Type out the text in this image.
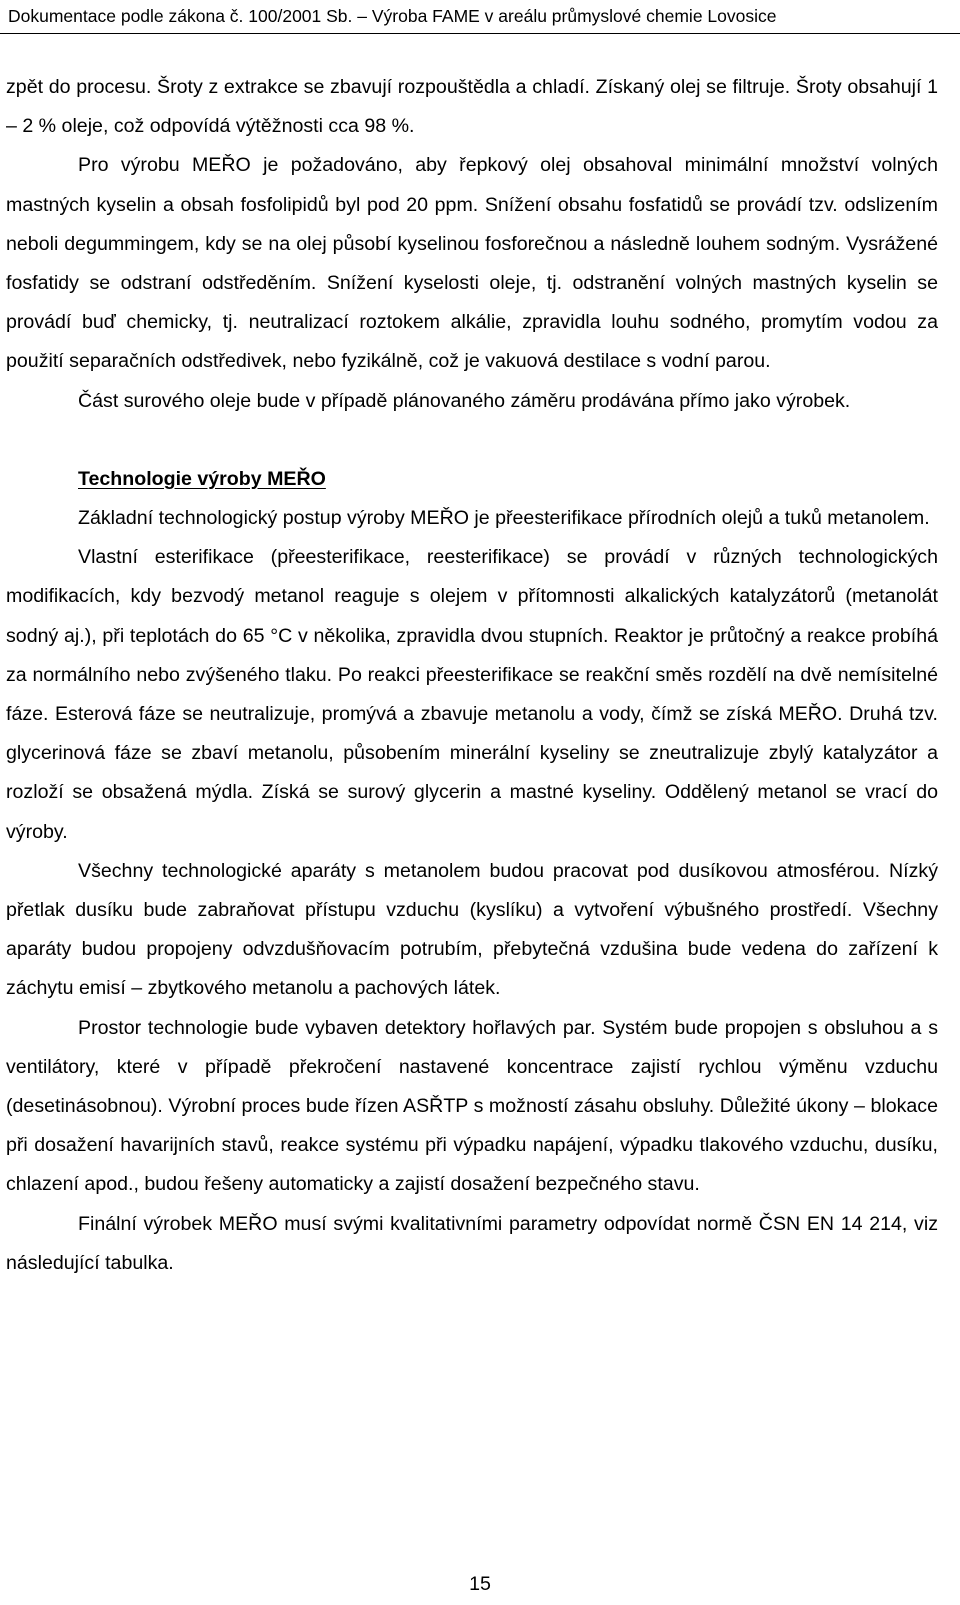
Dokumentace podle zákona č. 100/2001 Sb. – Výroba FAME v areálu průmyslové chemie Lovosice

zpět do procesu. Šroty z extrakce se zbavují rozpouštědla a chladí. Získaný olej se filtruje. Šroty obsahují 1 – 2 % oleje, což odpovídá výtěžnosti cca 98 %.

Pro výrobu MEŘO je požadováno, aby řepkový olej obsahoval minimální množství volných mastných kyselin a obsah fosfolipidů byl pod 20 ppm. Snížení obsahu fosfatidů se provádí tzv. odslizením neboli degummingem, kdy se na olej působí kyselinou fosforečnou a následně louhem sodným. Vysrážené fosfatidy se odstraní odstředěním. Snížení kyselosti oleje, tj. odstranění volných mastných kyselin se provádí buď chemicky, tj. neutralizací roztokem alkálie, zpravidla louhu sodného, promytím vodou za použití separačních odstředivek, nebo fyzikálně, což je vakuová destilace s vodní parou.

Část surového oleje bude v případě plánovaného záměru prodávána přímo jako výrobek.

Technologie výroby MEŘO

Základní technologický postup výroby MEŘO je přeesterifikace přírodních olejů a tuků metanolem.

Vlastní esterifikace (přeesterifikace, reesterifikace) se provádí v různých technologických modifikacích, kdy bezvodý metanol reaguje s olejem v přítomnosti alkalických katalyzátorů (metanolát sodný aj.), při teplotách do 65 °C v několika, zpravidla dvou stupních. Reaktor je průtočný a reakce probíhá za normálního nebo zvýšeného tlaku. Po reakci přeesterifikace se reakční směs rozdělí na dvě nemísitelné fáze. Esterová fáze se neutralizuje, promývá a zbavuje metanolu a vody, čímž se získá MEŘO. Druhá tzv. glycerinová fáze se zbaví metanolu, působením minerální kyseliny se zneutralizuje zbylý katalyzátor a rozloží se obsažená mýdla. Získá se surový glycerin a mastné kyseliny. Oddělený metanol se vrací do výroby.

Všechny technologické aparáty s metanolem budou pracovat pod dusíkovou atmosférou. Nízký přetlak dusíku bude zabraňovat přístupu vzduchu (kyslíku) a vytvoření výbušného prostředí. Všechny aparáty budou propojeny odvzdušňovacím potrubím, přebytečná vzdušina bude vedena do zařízení k záchytu emisí – zbytkového metanolu a pachových látek.

Prostor technologie bude vybaven detektory hořlavých par. Systém bude propojen s obsluhou a s ventilátory, které v případě překročení nastavené koncentrace zajistí rychlou výměnu vzduchu (desetinásobnou). Výrobní proces bude řízen ASŘTP s možností zásahu obsluhy. Důležité úkony – blokace při dosažení havarijních stavů, reakce systému při výpadku napájení, výpadku tlakového vzduchu, dusíku, chlazení apod., budou řešeny automaticky a zajistí dosažení bezpečného stavu.

Finální výrobek MEŘO musí svými kvalitativními parametry odpovídat normě ČSN EN 14 214, viz následující tabulka.

15
